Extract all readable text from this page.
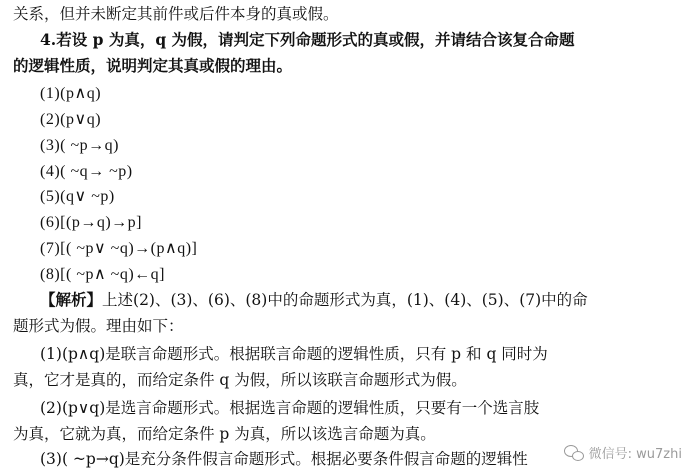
关系，但并未断定其前件或后件本身的真或假。
4.若设 p 为真，q 为假，请判定下列命题形式的真或假，并请结合该复合命题
的逻辑性质，说明判定其真或假的理由。
(1)(p∧q)
(2)(p∨q)
(3)( ~p→q)
(4)( ~q→ ~p)
(5)(q∨ ~p)
(6)[(p→q)→p]
(7)[( ~p∨ ~q)→(p∧q)]
(8)[( ~p∧ ~q)←q]
【解析】上述(2)、(3)、(6)、(8)中的命题形式为真，(1)、(4)、(5)、(7)中的命
题形式为假。理由如下：
(1)(p∧q)是联言命题形式。根据联言命题的逻辑性质，只有 p 和 q 同时为
真，它才是真的，而给定条件 q 为假，所以该联言命题形式为假。
(2)(p∨q)是选言命题形式。根据选言命题的逻辑性质，只要有一个选言肢
为真，它就为真，而给定条件 p 为真，所以该选言命题为真。
(3)( ~p→q)是充分条件假言命题形式。根据必要条件假言命题的逻辑性	微信号: wu7zhi
